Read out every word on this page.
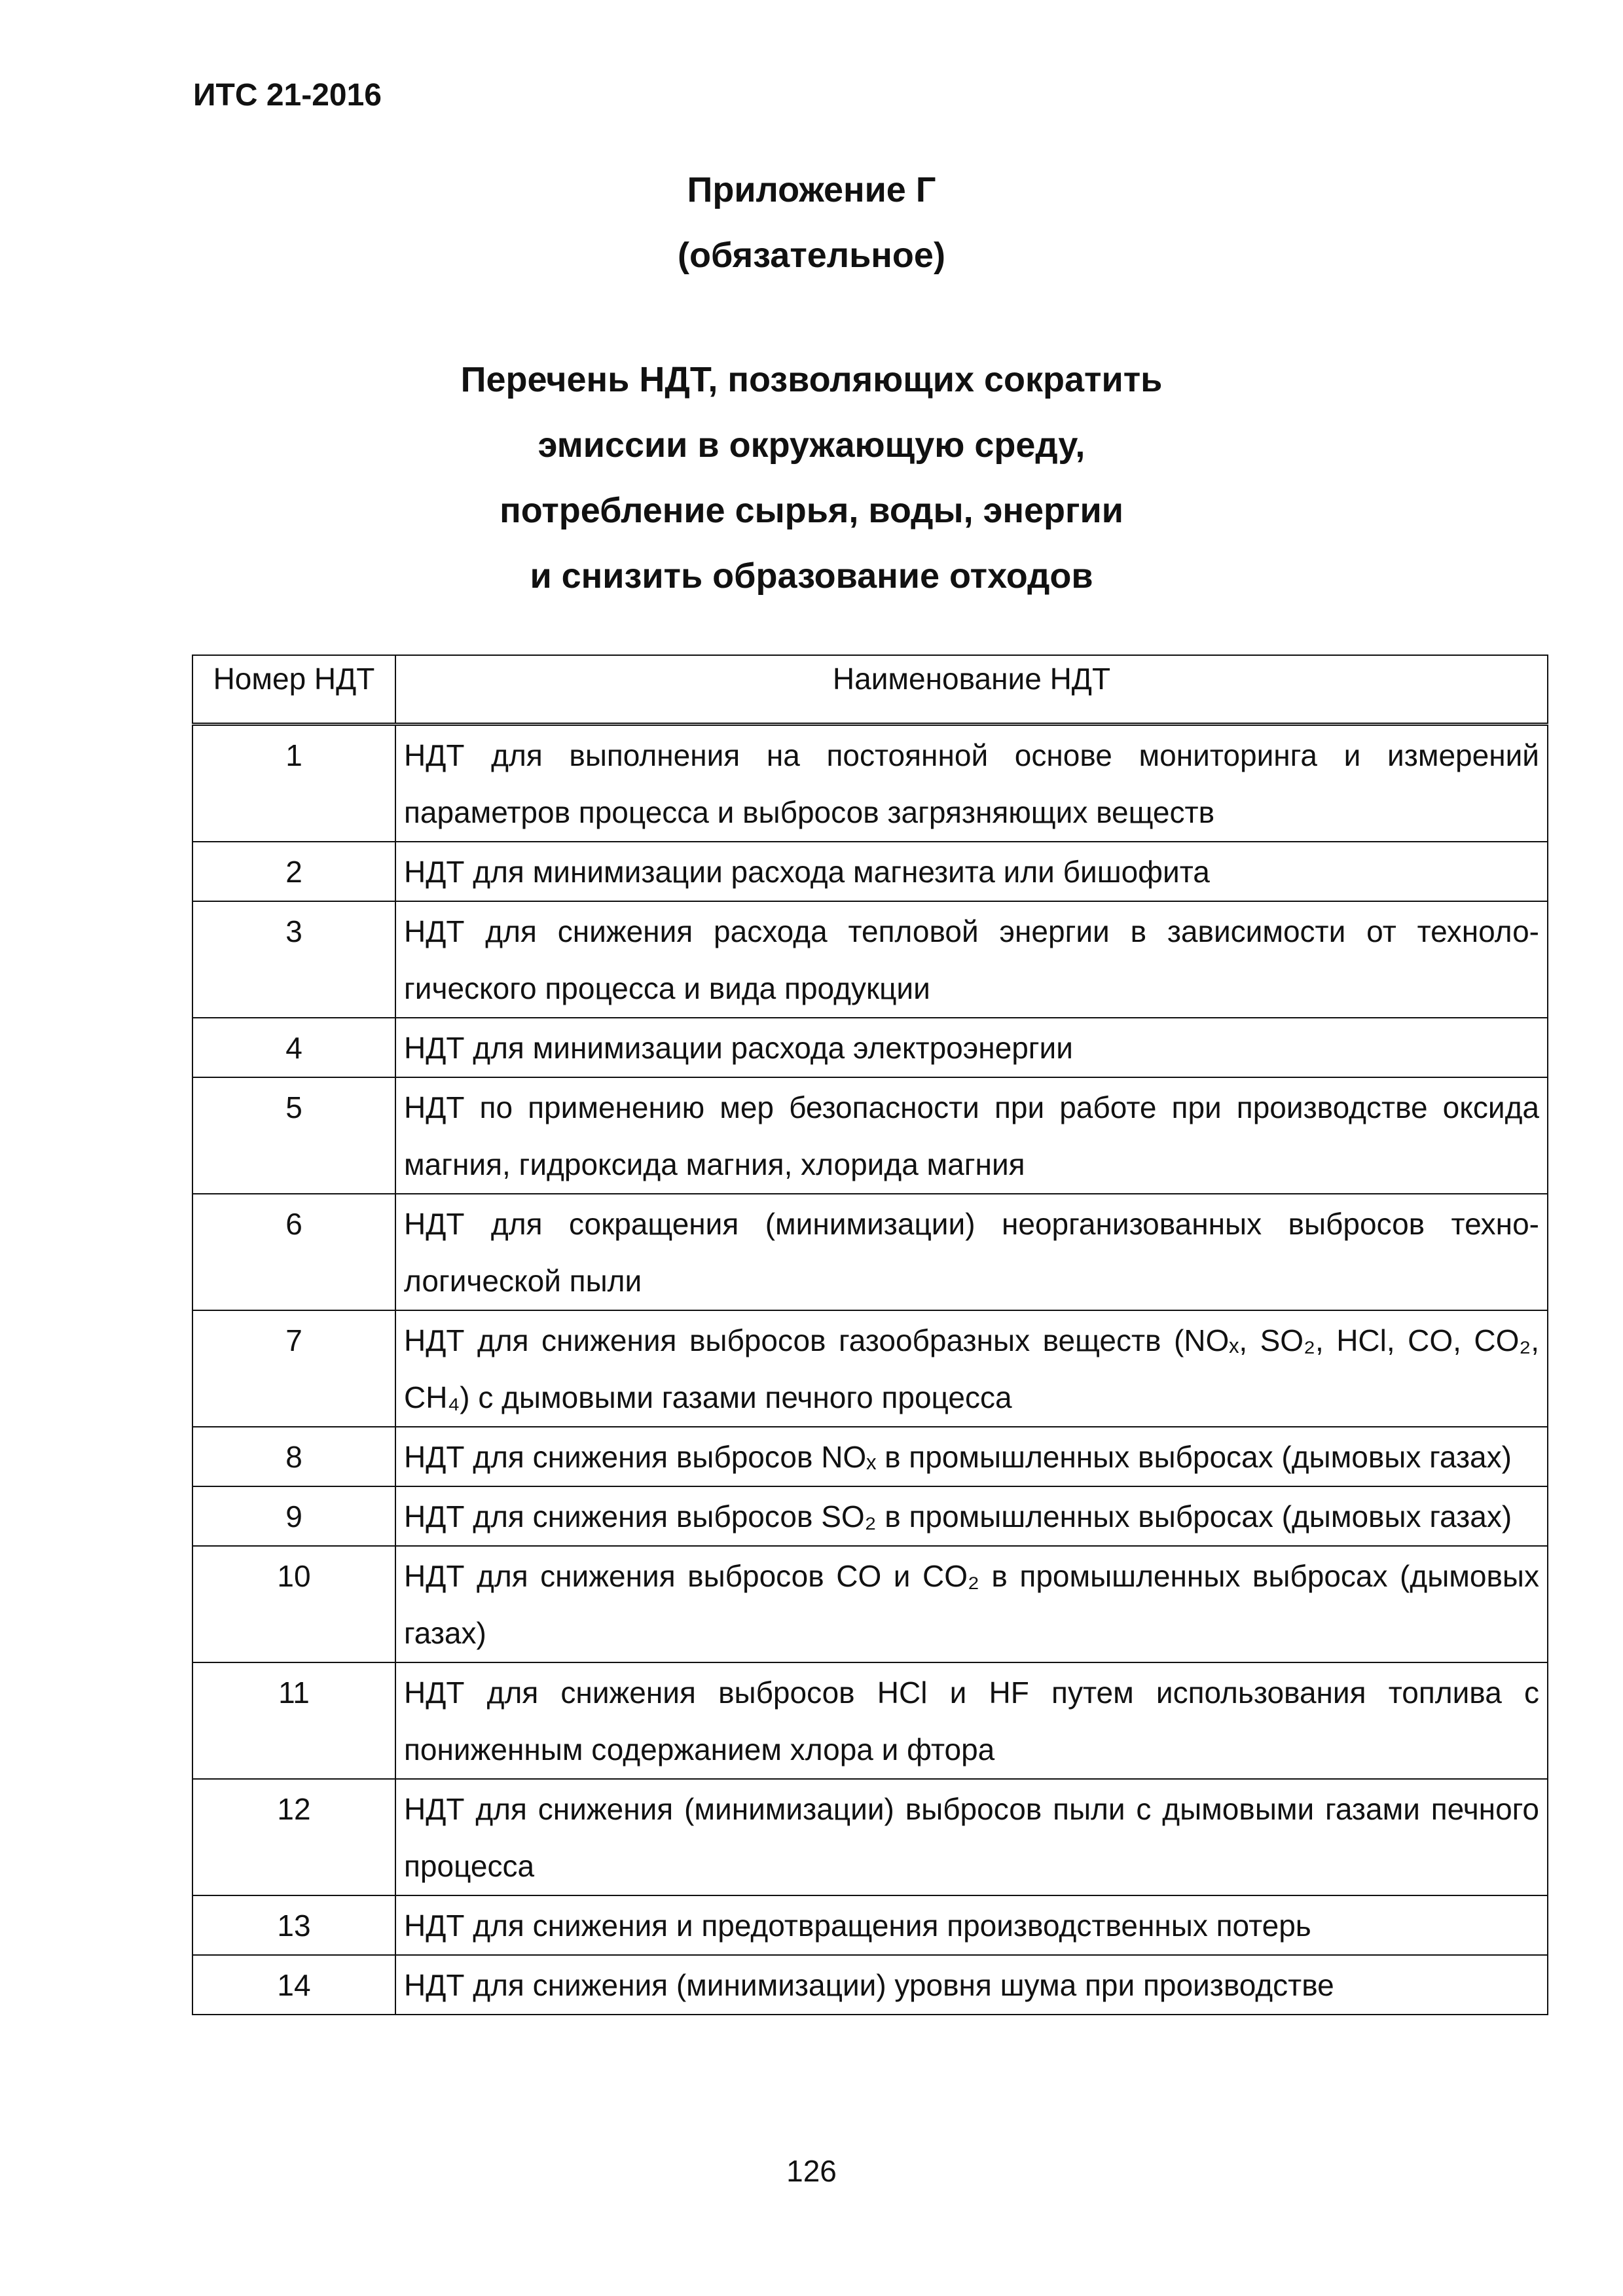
ИТС 21-2016
Приложение Г
(обязательное)
Перечень НДТ, позволяющих сократить
эмиссии в окружающую среду,
потребление сырья, воды, энергии
и снизить образование отходов
Номер НДТ	Наименование НДТ
1	НДТ для выполнения на постоянной основе мониторинга и измерений параметров процесса и выбросов загрязняющих веществ
2	НДТ для минимизации расхода магнезита или бишофита
3	НДТ для снижения расхода тепловой энергии в зависимости от технологического процесса и вида продукции
4	НДТ для минимизации расхода электроэнергии
5	НДТ по применению мер безопасности при работе при производстве оксида магния, гидроксида магния, хлорида магния
6	НДТ для сокращения (минимизации) неорганизованных выбросов технологической пыли
7	НДТ для снижения выбросов газообразных веществ (NOₓ, SO₂, HCl, CO, CO₂, CH₄) с дымовыми газами печного процесса
8	НДТ для снижения выбросов NOₓ в промышленных выбросах (дымовых газах)
9	НДТ для снижения выбросов SO₂ в промышленных выбросах (дымовых газах)
10	НДТ для снижения выбросов CO и CO₂ в промышленных выбросах (дымовых газах)
11	НДТ для снижения выбросов HCl и HF путем использования топлива с пониженным содержанием хлора и фтора
12	НДТ для снижения (минимизации) выбросов пыли с дымовыми газами печного процесса
13	НДТ для снижения и предотвращения производственных потерь
14	НДТ для снижения (минимизации) уровня шума при производстве
126
